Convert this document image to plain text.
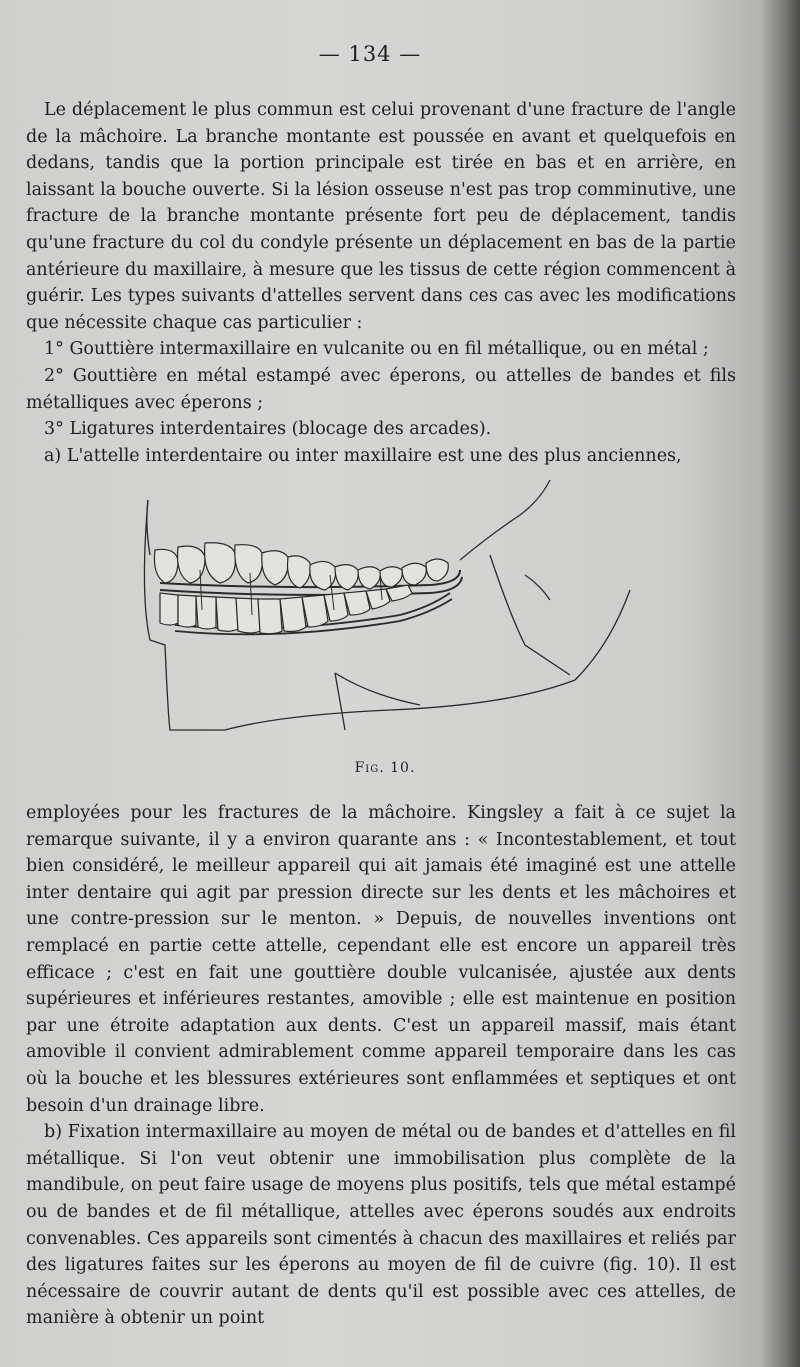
— 134 —

Le déplacement le plus commun est celui provenant d'une fracture de l'angle de la mâchoire. La branche montante est poussée en avant et quelquefois en dedans, tandis que la portion principale est tirée en bas et en arrière, en laissant la bouche ouverte. Si la lésion osseuse n'est pas trop comminutive, une fracture de la branche montante présente fort peu de déplacement, tandis qu'une fracture du col du condyle présente un déplacement en bas de la partie antérieure du maxillaire, à mesure que les tissus de cette région commencent à guérir. Les types suivants d'attelles servent dans ces cas avec les modifications que nécessite chaque cas particulier :

1° Gouttière intermaxillaire en vulcanite ou en fil métallique, ou en métal ;

2° Gouttière en métal estampé avec éperons, ou attelles de bandes et fils métalliques avec éperons ;

3° Ligatures interdentaires (blocage des arcades).

a) L'attelle interdentaire ou inter maxillaire est une des plus anciennes,

Fig. 10.

employées pour les fractures de la mâchoire. Kingsley a fait à ce sujet la remarque suivante, il y a environ quarante ans : « Incontestablement, et tout bien considéré, le meilleur appareil qui ait jamais été imaginé est une attelle inter dentaire qui agit par pression directe sur les dents et les mâchoires et une contre-pression sur le menton. » Depuis, de nouvelles inventions ont remplacé en partie cette attelle, cependant elle est encore un appareil très efficace ; c'est en fait une gouttière double vulcanisée, ajustée aux dents supérieures et inférieures restantes, amovible ; elle est maintenue en position par une étroite adaptation aux dents. C'est un appareil massif, mais étant amovible il convient admirablement comme appareil temporaire dans les cas où la bouche et les blessures extérieures sont enflammées et septiques et ont besoin d'un drainage libre.

b) Fixation intermaxillaire au moyen de métal ou de bandes et d'attelles en fil métallique. Si l'on veut obtenir une immobilisation plus complète de la mandibule, on peut faire usage de moyens plus positifs, tels que métal estampé ou de bandes et de fil métallique, attelles avec éperons soudés aux endroits convenables. Ces appareils sont cimentés à chacun des maxillaires et reliés par des ligatures faites sur les éperons au moyen de fil de cuivre (fig. 10). Il est nécessaire de couvrir autant de dents qu'il est possible avec ces attelles, de manière à obtenir un point
